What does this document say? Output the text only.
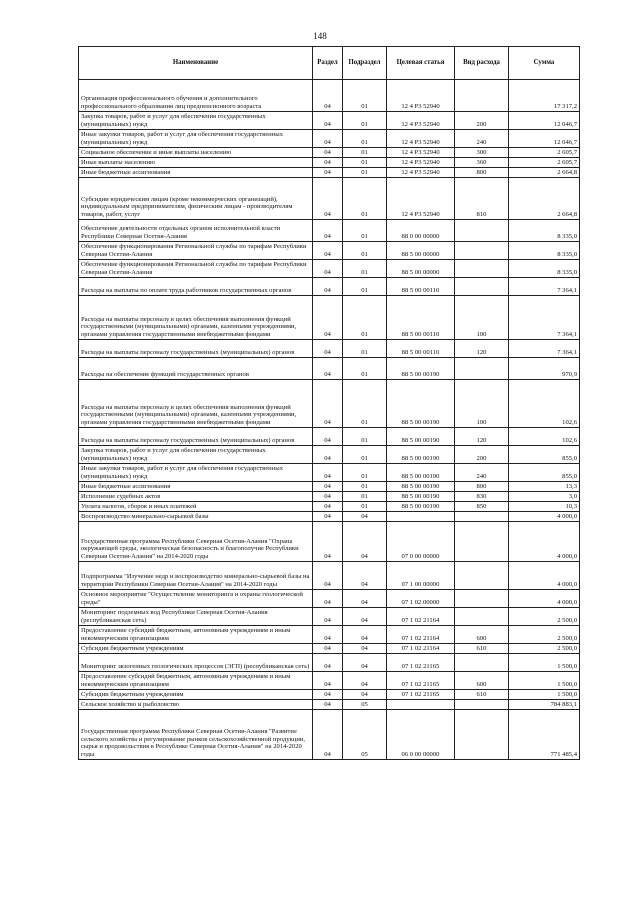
148
Наименование	Раздел	Подраздел	Целевая статья	Вид расхода	Сумма
Организация профессионального обучения и дополнительного профессионального образования лиц предпенсионного возраста	04	01	12 4 P3 52940		17 317,2
Закупка товаров, работ и услуг для обеспечения государственных (муниципальных) нужд	04	01	12 4 P3 52940	200	12 046,7
Иные закупки товаров, работ и услуг для обеспечения государственных (муниципальных) нужд	04	01	12 4 P3 52940	240	12 046,7
Социальное обеспечение и иные выплаты населению	04	01	12 4 P3 52940	300	2 605,7
Иные выплаты населению	04	01	12 4 P3 52940	360	2 605,7
Иные бюджетные ассигнования	04	01	12 4 P3 52940	800	2 664,8
Субсидии юридическим лицам (кроме некоммерческих организаций), индивидуальным предпринимателям, физическим лицам - производителям товаров, работ, услуг	04	01	12 4 P3 52940	810	2 664,8
Обеспечение деятельности отдельных органов исполнительной власти Республики Северная Осетия-Алания	04	01	88 0 00 00000		8 335,0
Обеспечение функционирования Региональной службы по тарифам Республики Северная Осетия-Алания	04	01	88 5 00 00000		8 335,0
Обеспечение функционирования Региональной службы по тарифам Республики Северная Осетия-Алания	04	01	88 5 00 00000		8 335,0
Расходы на выплаты по оплате труда работников государственных органов	04	01	88 5 00 00110		7 364,1
Расходы на выплаты персоналу в целях обеспечения выполнения функций государственными (муниципальными) органами, казенными учреждениями, органами управления государственными внебюджетными фондами	04	01	88 5 00 00110	100	7 364,1
Расходы на выплаты персоналу государственных (муниципальных) органов	04	01	88 5 00 00110	120	7 364,1
Расходы на обеспечение функций государственных органов	04	01	88 5 00 00190		970,9
Расходы на выплаты персоналу в целях обеспечения выполнения функций государственными (муниципальными) органами, казенными учреждениями, органами управления государственными внебюджетными фондами	04	01	88 5 00 00190	100	102,6
Расходы на выплаты персоналу государственных (муниципальных) органов	04	01	88 5 00 00190	120	102,6
Закупка товаров, работ и услуг для обеспечения государственных (муниципальных) нужд	04	01	88 5 00 00190	200	855,0
Иные закупки товаров, работ и услуг для обеспечения государственных (муниципальных) нужд	04	01	88 5 00 00190	240	855,0
Иные бюджетные ассигнования	04	01	88 5 00 00190	800	13,3
Исполнение судебных актов	04	01	88 5 00 00190	830	3,0
Уплата налогов, сборов и иных платежей	04	01	88 5 00 00190	850	10,3
Воспроизводство минерально-сырьевой базы	04	04			4 000,0
Государственная программа Республики Северная Осетия-Алания "Охрана окружающей среды, экологическая безопасность и благополучие Республики Северная Осетия-Алания" на 2014-2020 годы	04	04	07 0 00 00000		4 000,0
Подпрограмма "Изучение недр и воспроизводство минерально-сырьевой базы на территории Республики Северная Осетия-Алания" на 2014-2020 годы	04	04	07 1 00 00000		4 000,0
Основное мероприятие "Осуществление мониторинга и охраны геологической среды"	04	04	07 1 02 00000		4 000,0
Мониторинг подземных вод Республики Северная Осетия-Алания (республиканская сеть)	04	04	07 1 02 21164		2 500,0
Предоставление субсидий бюджетным, автономным учреждениям и иным некоммерческим организациям	04	04	07 1 02 21164	600	2 500,0
Субсидии бюджетным учреждениям	04	04	07 1 02 21164	610	2 500,0
Мониторинг экзогенных геологических процессов (ЭГП) (республиканская сеть)	04	04	07 1 02 21165		1 500,0
Предоставление субсидий бюджетным, автономным учреждениям и иным некоммерческим организациям	04	04	07 1 02 21165	600	1 500,0
Субсидии бюджетным учреждениям	04	04	07 1 02 21165	610	1 500,0
Сельское хозяйство и рыболовство	04	05			784 883,1
Государственная программа Республики Северная Осетия-Алания "Развитие сельского хозяйства и регулирование рынков сельскохозяйственной продукции, сырья и продовольствия в Республике Северная Осетия-Алания" на 2014-2020 годы	04	05	06 0 00 00000		771 485,4
